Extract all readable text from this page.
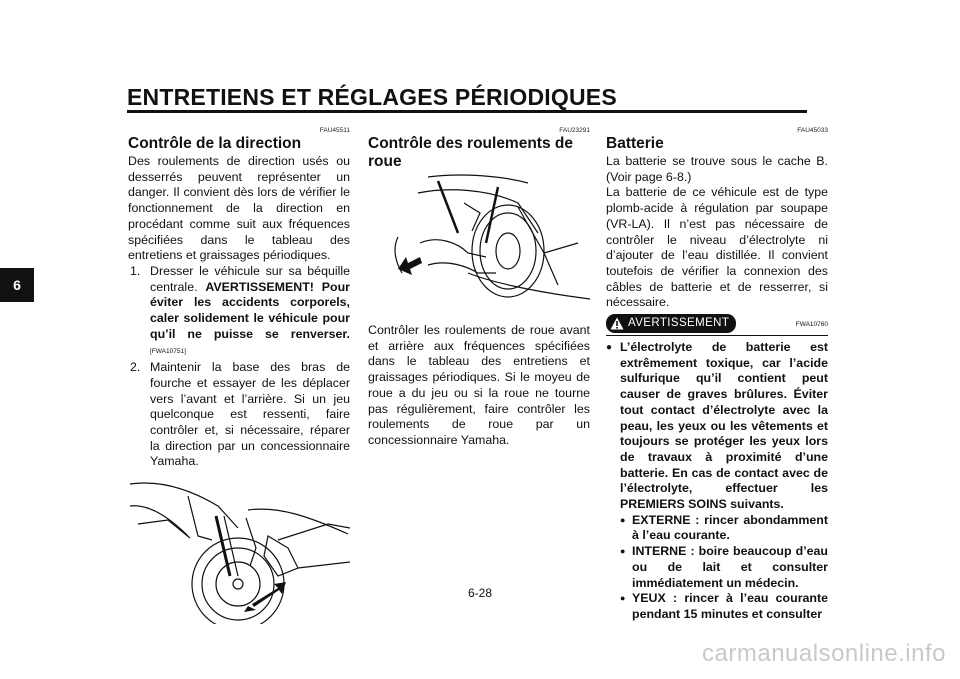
ENTRETIENS ET RÉGLAGES PÉRIODIQUES
6
FAU45511
Contrôle de la direction

Des roulements de direction usés ou desserrés peuvent représenter un danger. Il convient dès lors de vérifier le fonctionnement de la direction en procédant comme suit aux fréquences spécifiées dans le tableau des entretiens et graissages périodiques.

1. Dresser le véhicule sur sa béquille centrale. AVERTISSEMENT! Pour éviter les accidents corporels, caler solidement le véhicule pour qu’il ne puisse se renverser.[FWA10751]
2. Maintenir la base des bras de fourche et essayer de les déplacer vers l’avant et l’arrière. Si un jeu quelconque est ressenti, faire contrôler et, si nécessaire, réparer la direction par un concessionnaire Yamaha.
FAU23291
Contrôle des roulements de roue

Contrôler les roulements de roue avant et arrière aux fréquences spécifiées dans le tableau des entretiens et graissages périodiques. Si le moyeu de roue a du jeu ou si la roue ne tourne pas régulièrement, faire contrôler les roulements de roue par un concessionnaire Yamaha.

FAU45033
Batterie

La batterie se trouve sous le cache B. (Voir page 6-8.)

La batterie de ce véhicule est de type plomb-acide à régulation par soupape (VR-LA). Il n’est pas nécessaire de contrôler le niveau d’électrolyte ni d’ajouter de l’eau distillée. Il convient toutefois de vérifier la connexion des câbles de batterie et de resserrer, si nécessaire.

AVERTISSEMENT	FWA10760
● L’électrolyte de batterie est extrêmement toxique, car l’acide sulfurique qu’il contient peut causer de graves brûlures. Éviter tout contact d’électrolyte avec la peau, les yeux ou les vêtements et toujours se protéger les yeux lors de travaux à proximité d’une batterie. En cas de contact avec de l’électrolyte, effectuer les PREMIERS SOINS suivants.
● EXTERNE : rincer abondamment à l’eau courante.
● INTERNE : boire beaucoup d’eau ou de lait et consulter immédiatement un médecin.
● YEUX : rincer à l’eau courante pendant 15 minutes et consulter
6-28
carmanualsonline.info
